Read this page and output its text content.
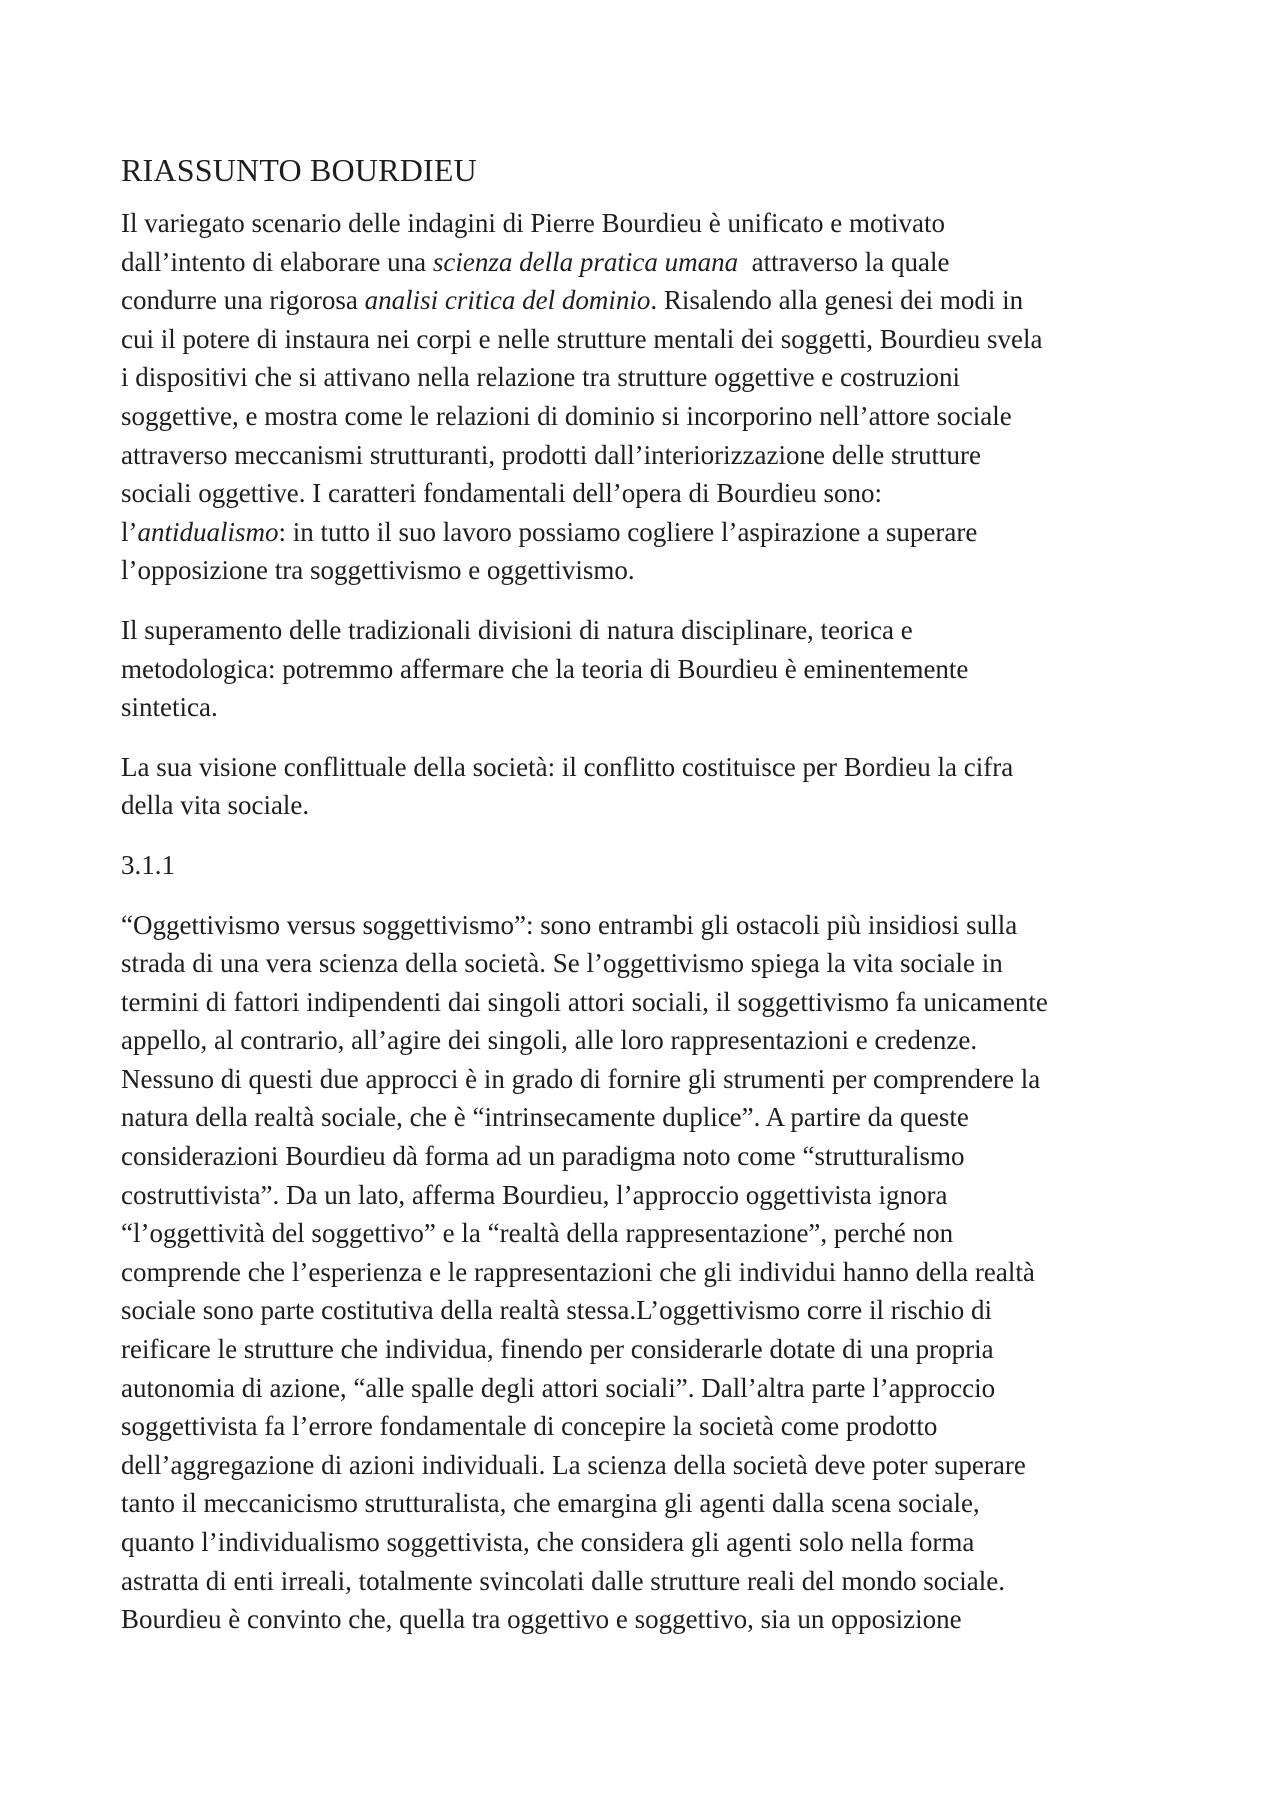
RIASSUNTO BOURDIEU

Il variegato scenario delle indagini di Pierre Bourdieu è unificato e motivato
dall’intento di elaborare una scienza della pratica umana  attraverso la quale
condurre una rigorosa analisi critica del dominio. Risalendo alla genesi dei modi in
cui il potere di instaura nei corpi e nelle strutture mentali dei soggetti, Bourdieu svela
i dispositivi che si attivano nella relazione tra strutture oggettive e costruzioni
soggettive, e mostra come le relazioni di dominio si incorporino nell’attore sociale
attraverso meccanismi strutturanti, prodotti dall’interiorizzazione delle strutture
sociali oggettive. I caratteri fondamentali dell’opera di Bourdieu sono:
l’antidualismo: in tutto il suo lavoro possiamo cogliere l’aspirazione a superare
l’opposizione tra soggettivismo e oggettivismo.

Il superamento delle tradizionali divisioni di natura disciplinare, teorica e
metodologica: potremmo affermare che la teoria di Bourdieu è eminentemente
sintetica.

La sua visione conflittuale della società: il conflitto costituisce per Bordieu la cifra
della vita sociale.

3.1.1

“Oggettivismo versus soggettivismo”: sono entrambi gli ostacoli più insidiosi sulla
strada di una vera scienza della società. Se l’oggettivismo spiega la vita sociale in
termini di fattori indipendenti dai singoli attori sociali, il soggettivismo fa unicamente
appello, al contrario, all’agire dei singoli, alle loro rappresentazioni e credenze.
Nessuno di questi due approcci è in grado di fornire gli strumenti per comprendere la
natura della realtà sociale, che è “intrinsecamente duplice”. A partire da queste
considerazioni Bourdieu dà forma ad un paradigma noto come “strutturalismo
costruttivista”. Da un lato, afferma Bourdieu, l’approccio oggettivista ignora
“l’oggettività del soggettivo” e la “realtà della rappresentazione”, perché non
comprende che l’esperienza e le rappresentazioni che gli individui hanno della realtà
sociale sono parte costitutiva della realtà stessa.L’oggettivismo corre il rischio di
reificare le strutture che individua, finendo per considerarle dotate di una propria
autonomia di azione, “alle spalle degli attori sociali”. Dall’altra parte l’approccio
soggettivista fa l’errore fondamentale di concepire la società come prodotto
dell’aggregazione di azioni individuali. La scienza della società deve poter superare
tanto il meccanicismo strutturalista, che emargina gli agenti dalla scena sociale,
quanto l’individualismo soggettivista, che considera gli agenti solo nella forma
astratta di enti irreali, totalmente svincolati dalle strutture reali del mondo sociale.
Bourdieu è convinto che, quella tra oggettivo e soggettivo, sia un opposizione
